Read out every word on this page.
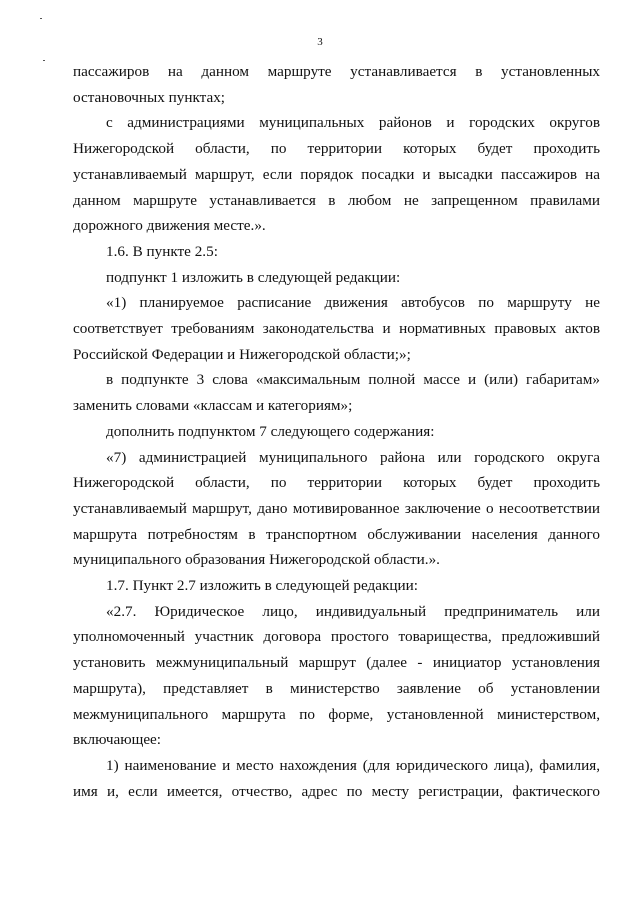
3

пассажиров на данном маршруте устанавливается в установленных остановочных пунктах;

с администрациями муниципальных районов и городских округов Нижегородской области, по территории которых будет проходить устанавливаемый маршрут, если порядок посадки и высадки пассажиров на данном маршруте устанавливается в любом не запрещенном правилами дорожного движения месте.».

1.6. В пункте 2.5:

подпункт 1 изложить в следующей редакции:

«1) планируемое расписание движения автобусов по маршруту не соответствует требованиям законодательства и нормативных правовых актов Российской Федерации и Нижегородской области;»;

в подпункте 3 слова «максимальным полной массе и (или) габаритам» заменить словами «классам и категориям»;

дополнить подпунктом 7 следующего содержания:

«7) администрацией муниципального района или городского округа Нижегородской области, по территории которых будет проходить устанавливаемый маршрут, дано мотивированное заключение о несоответствии маршрута потребностям в транспортном обслуживании населения данного муниципального образования Нижегородской области.».

1.7. Пункт 2.7 изложить в следующей редакции:

«2.7. Юридическое лицо, индивидуальный предприниматель или уполномоченный участник договора простого товарищества, предложивший установить межмуниципальный маршрут (далее - инициатор установления маршрута), представляет в министерство заявление об установлении межмуниципального маршрута по форме, установленной министерством, включающее:

1) наименование и место нахождения (для юридического лица), фамилия, имя и, если имеется, отчество, адрес по месту регистрации, фактического
